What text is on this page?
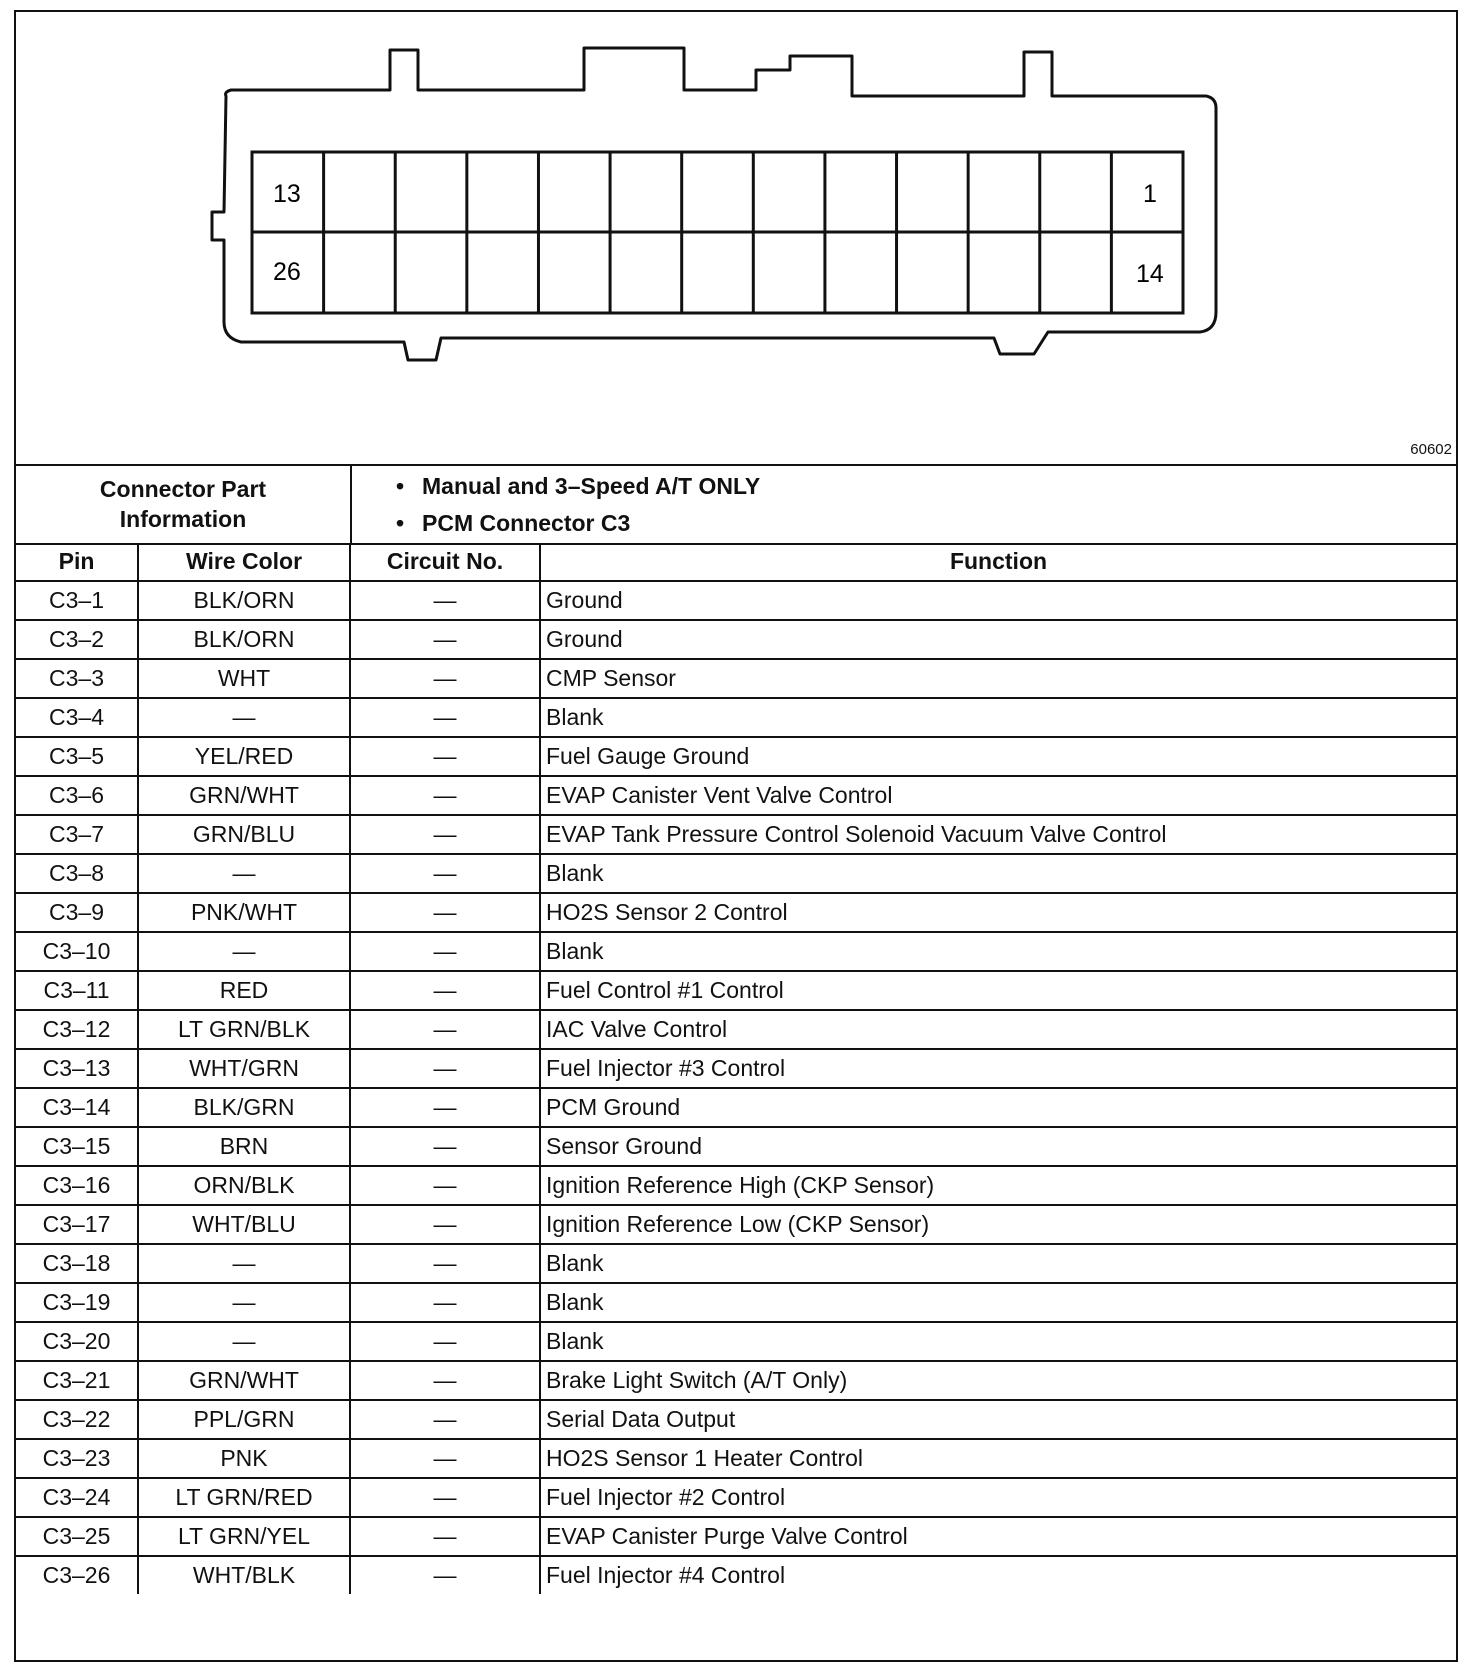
13	1
26	14
60602
Connector Part
Information
• Manual and 3–Speed A/T ONLY
• PCM Connector C3
Pin	Wire Color	Circuit No.	Function
C3–1	BLK/ORN	—	Ground
C3–2	BLK/ORN	—	Ground
C3–3	WHT	—	CMP Sensor
C3–4	—	—	Blank
C3–5	YEL/RED	—	Fuel Gauge Ground
C3–6	GRN/WHT	—	EVAP Canister Vent Valve Control
C3–7	GRN/BLU	—	EVAP Tank Pressure Control Solenoid Vacuum Valve Control
C3–8	—	—	Blank
C3–9	PNK/WHT	—	HO2S Sensor 2 Control
C3–10	—	—	Blank
C3–11	RED	—	Fuel Control #1 Control
C3–12	LT GRN/BLK	—	IAC Valve Control
C3–13	WHT/GRN	—	Fuel Injector #3 Control
C3–14	BLK/GRN	—	PCM Ground
C3–15	BRN	—	Sensor Ground
C3–16	ORN/BLK	—	Ignition Reference High (CKP Sensor)
C3–17	WHT/BLU	—	Ignition Reference Low (CKP Sensor)
C3–18	—	—	Blank
C3–19	—	—	Blank
C3–20	—	—	Blank
C3–21	GRN/WHT	—	Brake Light Switch (A/T Only)
C3–22	PPL/GRN	—	Serial Data Output
C3–23	PNK	—	HO2S Sensor 1 Heater Control
C3–24	LT GRN/RED	—	Fuel Injector #2 Control
C3–25	LT GRN/YEL	—	EVAP Canister Purge Valve Control
C3–26	WHT/BLK	—	Fuel Injector #4 Control
